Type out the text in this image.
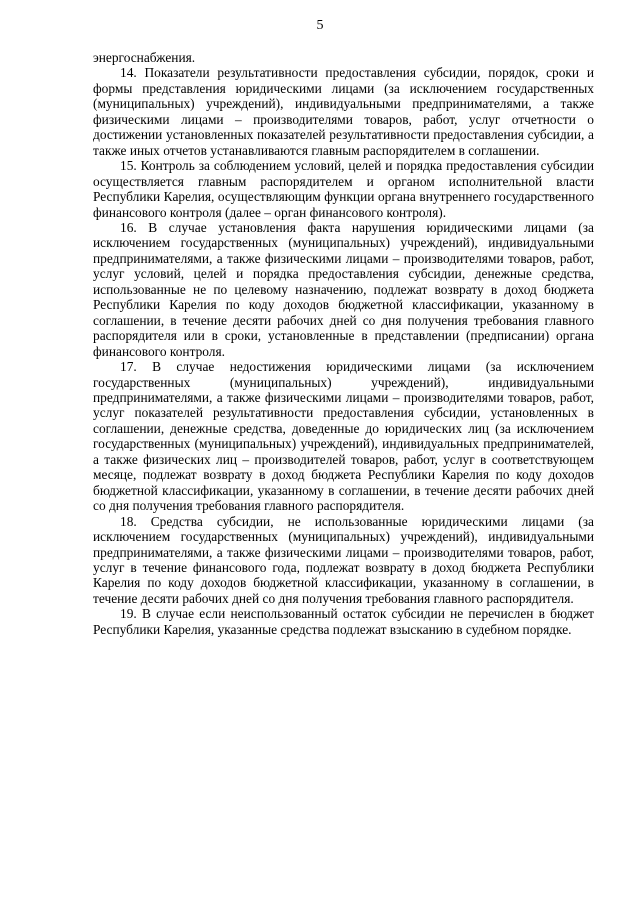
5

энергоснабжения.

14. Показатели результативности предоставления субсидии, порядок, сроки и формы представления юридическими лицами (за исключением государственных (муниципальных) учреждений), индивидуальными предпринимателями, а также физическими лицами – производителями товаров, работ, услуг отчетности о достижении установленных показателей результативности предоставления субсидии, а также иных отчетов устанавливаются главным распорядителем в соглашении.

15. Контроль за соблюдением условий, целей и порядка предоставления субсидии осуществляется главным распорядителем и органом исполнительной власти Республики Карелия, осуществляющим функции органа внутреннего государственного финансового контроля (далее – орган финансового контроля).

16. В случае установления факта нарушения юридическими лицами (за исключением государственных (муниципальных) учреждений), индивидуальными предпринимателями, а также физическими лицами – производителями товаров, работ, услуг условий, целей и порядка предоставления субсидии, денежные средства, использованные не по целевому назначению, подлежат возврату в доход бюджета Республики Карелия по коду доходов бюджетной классификации, указанному в соглашении, в течение десяти рабочих дней со дня получения требования главного распорядителя или в сроки, установленные в представлении (предписании) органа финансового контроля.

17. В случае недостижения юридическими лицами (за исключением государственных (муниципальных) учреждений), индивидуальными предпринимателями, а также физическими лицами – производителями товаров, работ, услуг показателей результативности предоставления субсидии, установленных в соглашении, денежные средства, доведенные до юридических лиц (за исключением государственных (муниципальных) учреждений), индивидуальных предпринимателей, а также физических лиц – производителей товаров, работ, услуг в соответствующем месяце, подлежат возврату в доход бюджета Республики Карелия по коду доходов бюджетной классификации, указанному в соглашении, в течение десяти рабочих дней со дня получения требования главного распорядителя.

18. Средства субсидии, не использованные юридическими лицами (за исключением государственных (муниципальных) учреждений), индивидуальными предпринимателями, а также физическими лицами – производителями товаров, работ, услуг в течение финансового года, подлежат возврату в доход бюджета Республики Карелия по коду доходов бюджетной классификации, указанному в соглашении, в течение десяти рабочих дней со дня получения требования главного распорядителя.

19. В случае если неиспользованный остаток субсидии не перечислен в бюджет Республики Карелия, указанные средства подлежат взысканию в судебном порядке.
